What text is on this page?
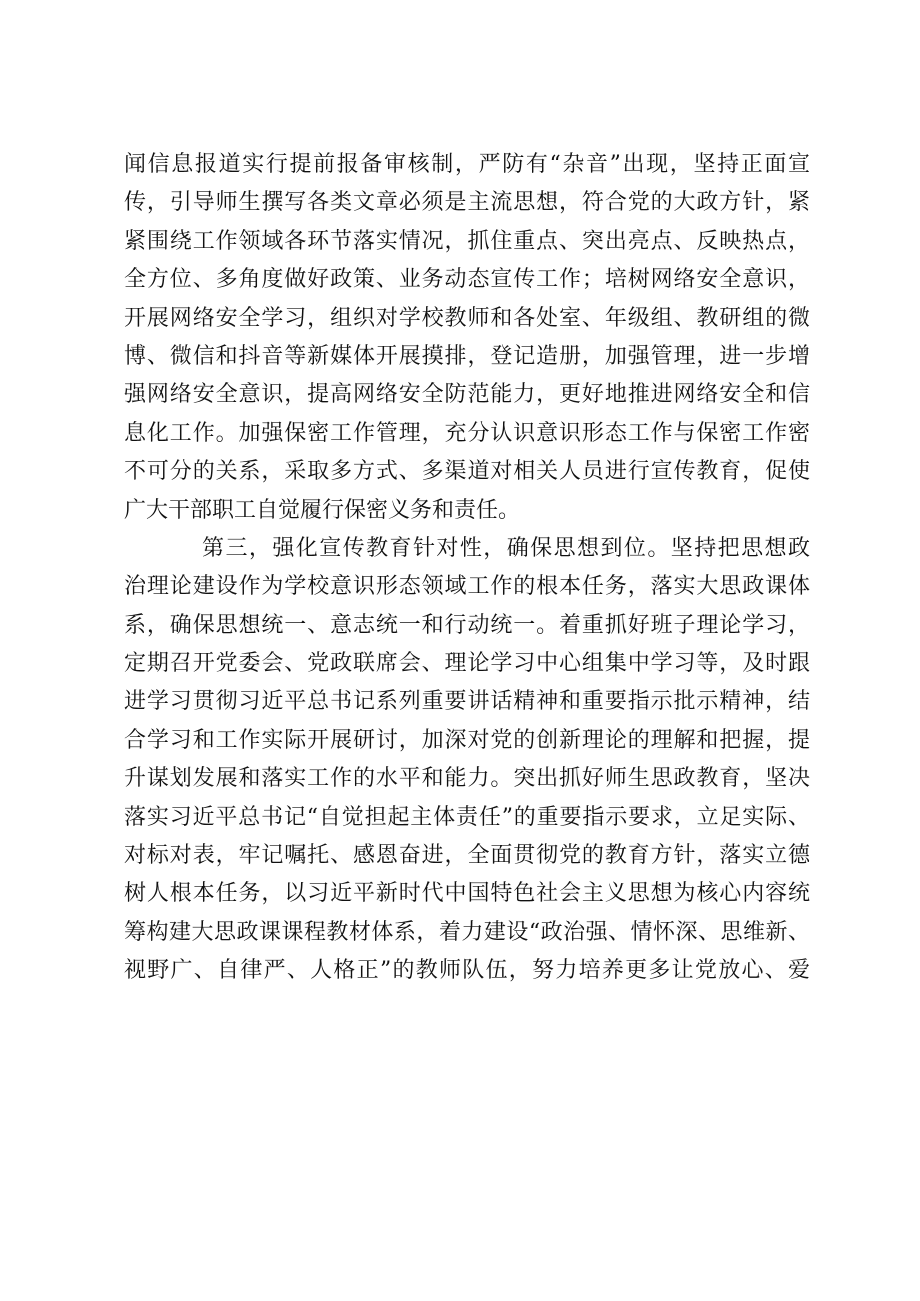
闻信息报道实行提前报备审核制，严防有“杂音”出现，坚持正面宣
传，引导师生撰写各类文章必须是主流思想，符合党的大政方针，紧
紧围绕工作领域各环节落实情况，抓住重点、突出亮点、反映热点，
全方位、多角度做好政策、业务动态宣传工作；培树网络安全意识，
开展网络安全学习，组织对学校教师和各处室、年级组、教研组的微
博、微信和抖音等新媒体开展摸排，登记造册，加强管理，进一步增
强网络安全意识，提高网络安全防范能力，更好地推进网络安全和信
息化工作。加强保密工作管理，充分认识意识形态工作与保密工作密
不可分的关系，采取多方式、多渠道对相关人员进行宣传教育，促使
广大干部职工自觉履行保密义务和责任。
第三，强化宣传教育针对性，确保思想到位。坚持把思想政
治理论建设作为学校意识形态领域工作的根本任务，落实大思政课体
系，确保思想统一、意志统一和行动统一。着重抓好班子理论学习，
定期召开党委会、党政联席会、理论学习中心组集中学习等，及时跟
进学习贯彻习近平总书记系列重要讲话精神和重要指示批示精神，结
合学习和工作实际开展研讨，加深对党的创新理论的理解和把握，提
升谋划发展和落实工作的水平和能力。突出抓好师生思政教育，坚决
落实习近平总书记“自觉担起主体责任”的重要指示要求，立足实际、
对标对表，牢记嘱托、感恩奋进，全面贯彻党的教育方针，落实立德
树人根本任务，以习近平新时代中国特色社会主义思想为核心内容统
筹构建大思政课课程教材体系，着力建设“政治强、情怀深、思维新、
视野广、自律严、人格正”的教师队伍，努力培养更多让党放心、爱
